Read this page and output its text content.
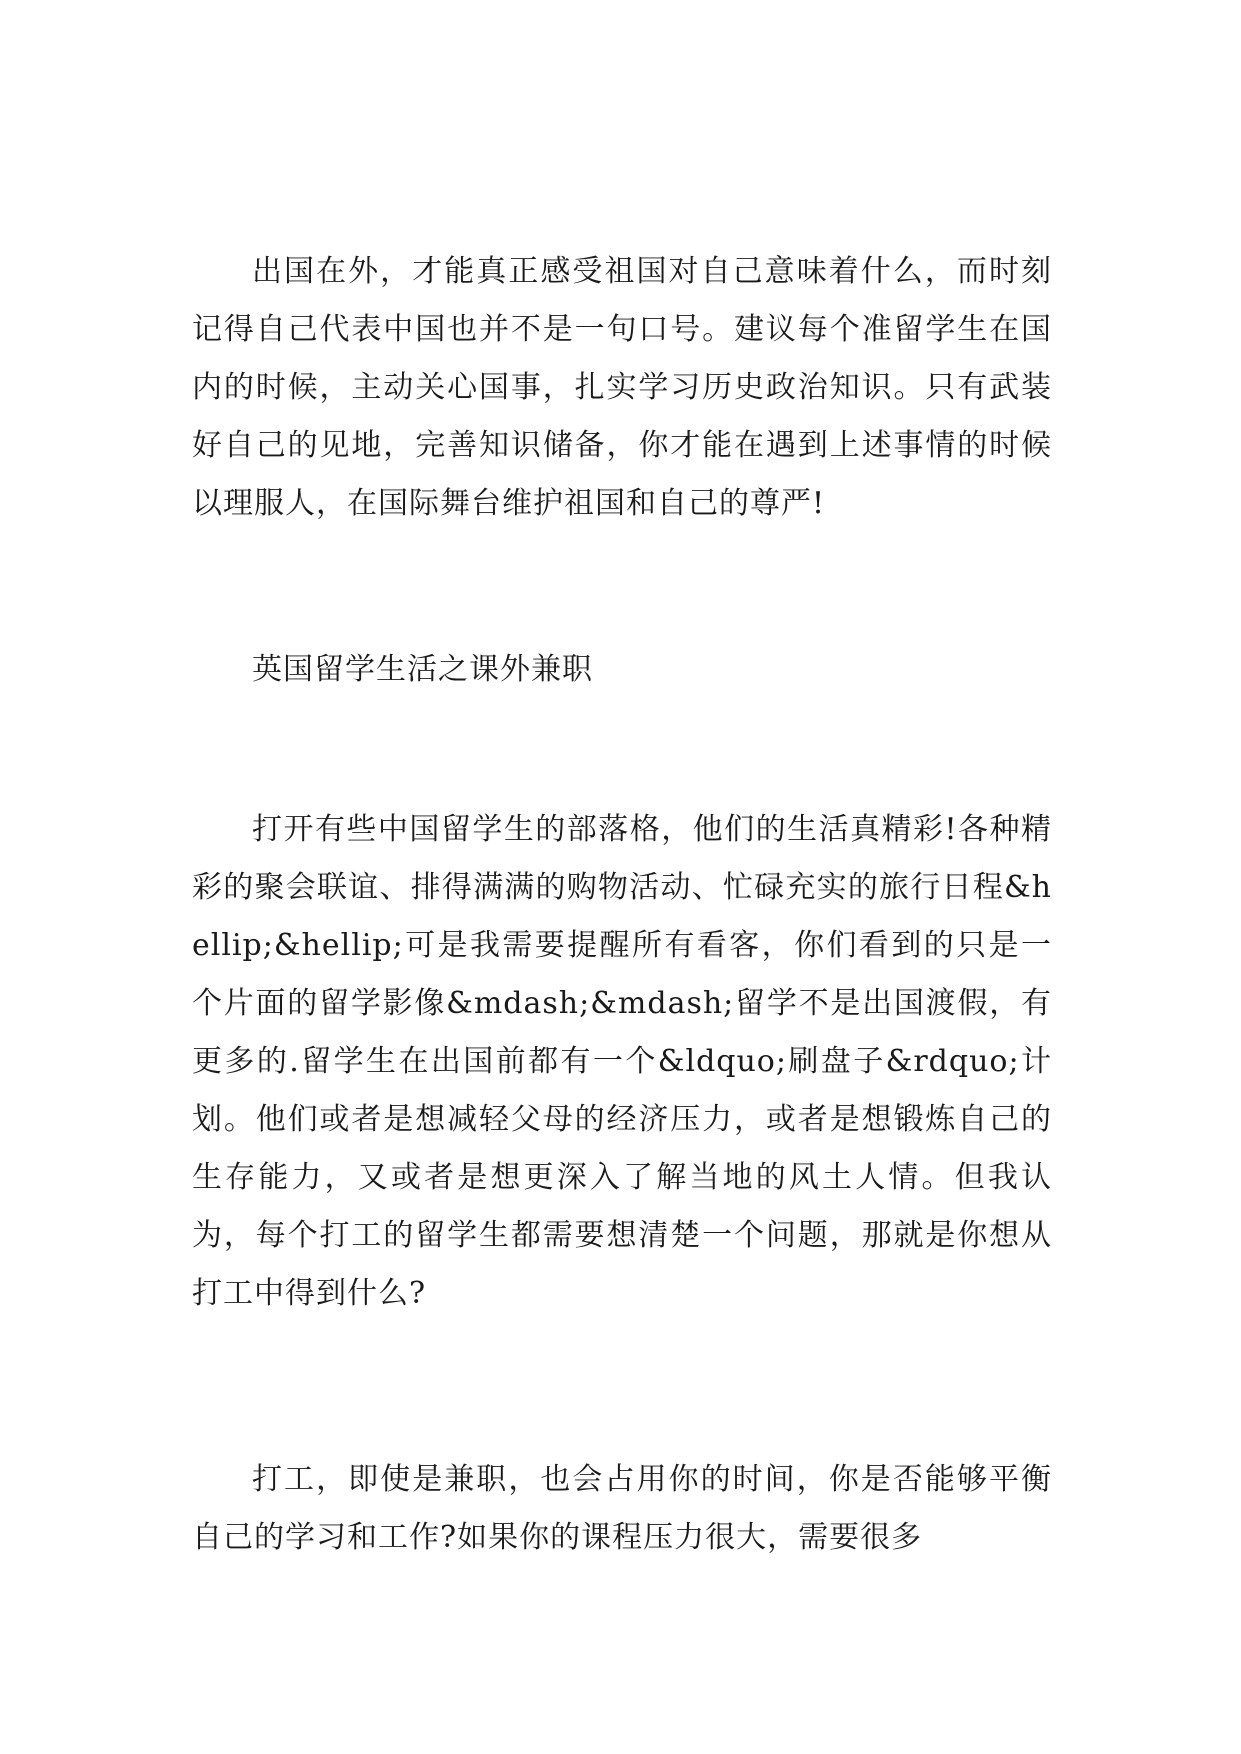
出国在外，才能真正感受祖国对自己意味着什么，而时刻记得自己代表中国也并不是一句口号。建议每个准留学生在国内的时候，主动关心国事，扎实学习历史政治知识。只有武装好自己的见地，完善知识储备，你才能在遇到上述事情的时候以理服人，在国际舞台维护祖国和自己的尊严!

英国留学生活之课外兼职

打开有些中国留学生的部落格，他们的生活真精彩!各种精彩的聚会联谊、排得满满的购物活动、忙碌充实的旅行日程&hellip;&hellip;可是我需要提醒所有看客，你们看到的只是一个片面的留学影像&mdash;&mdash;留学不是出国渡假，有更多的.留学生在出国前都有一个&ldquo;刷盘子&rdquo;计划。他们或者是想减轻父母的经济压力，或者是想锻炼自己的生存能力，又或者是想更深入了解当地的风土人情。但我认为，每个打工的留学生都需要想清楚一个问题，那就是你想从打工中得到什么?

打工，即使是兼职，也会占用你的时间，你是否能够平衡自己的学习和工作?如果你的课程压力很大，需要很多
